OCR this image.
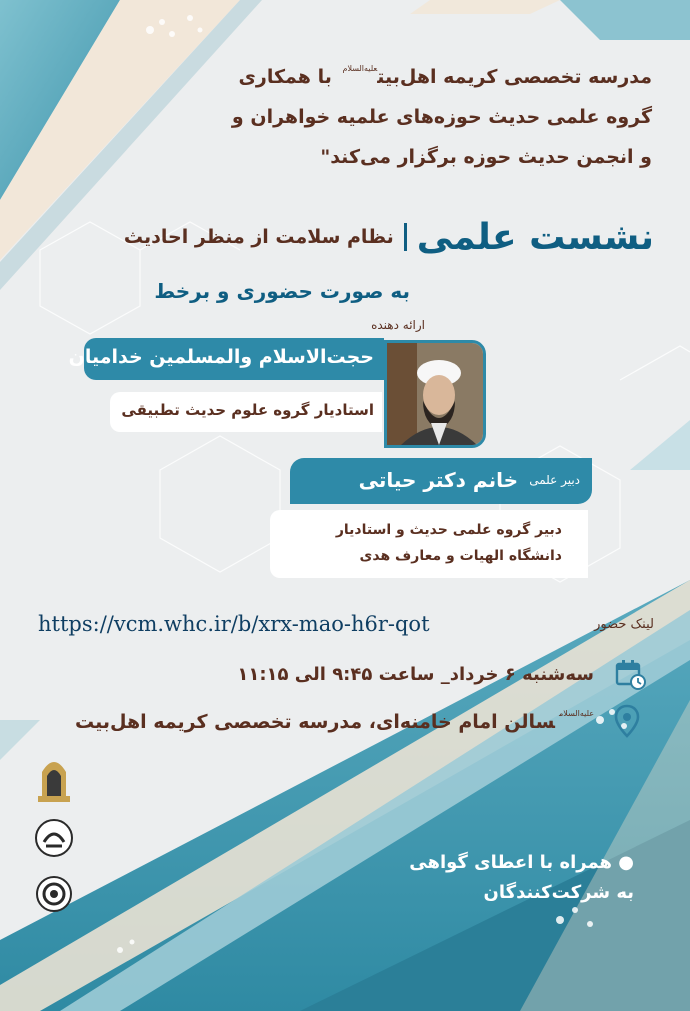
مدرسه تخصصی کریمه اهل‌بیت$^{علیه‌السلام}$ با همکاری
گروه علمی حدیث حوزه‌های علمیه خواهران و
و انجمن حدیث حوزه برگزار می‌کند"
نشست علمی
نظام سلامت از منظر احادیث
به صورت حضوری و برخط
ارائه دهنده
حجت‌الاسلام والمسلمین خدامیان
استادیار گروه علوم حدیث تطبیقی
دبیر علمی
خانم دکتر حیاتی
دبیر گروه علمی حدیث و استادیار
دانشگاه الهیات و معارف هدی
لینک حضور
https://vcm.whc.ir/b/xrx-mao-h6r-qot
سه‌شنبه ۶ خرداد_ ساعت ۹:۴۵ الی ۱۱:۱۵
$^{علیه‌السلام}$سالن امام خامنه‌ای، مدرسه تخصصی کریمه اهل‌بیت
● همراه با اعطای گواهی
به شرکت‌کنندگان
